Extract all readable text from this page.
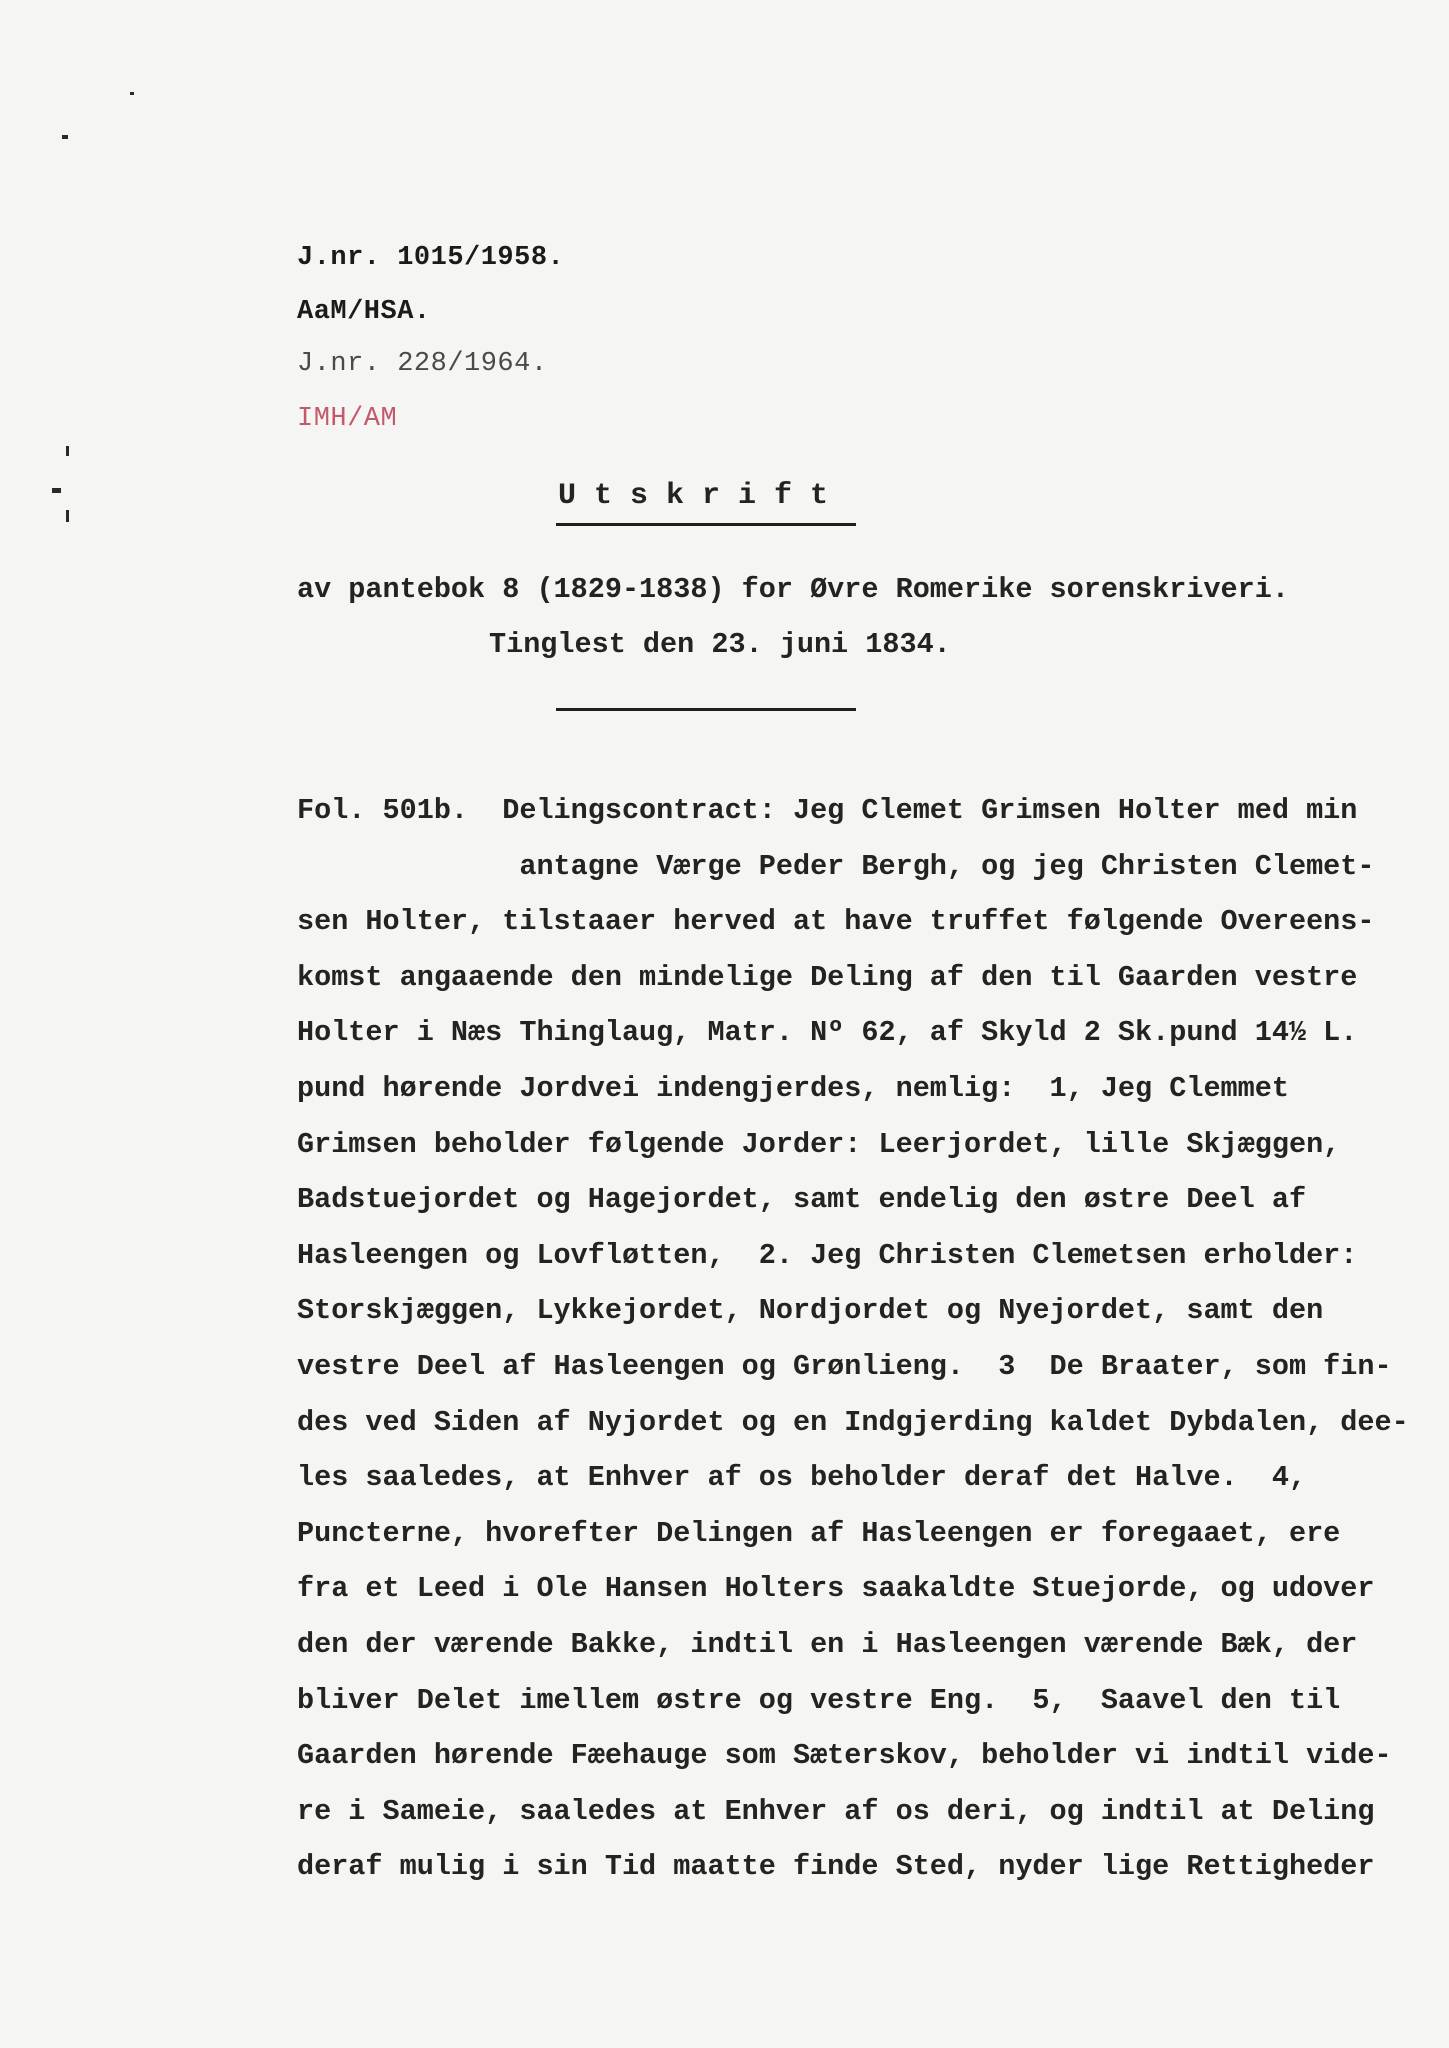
J.nr. 1015/1958.
AaM/HSA.
J.nr. 228/1964.
IMH/AM
U t s k r i f t
av pantebok 8 (1829-1838) for Øvre Romerike sorenskriveri.
Tinglest den 23. juni 1834.
Fol. 501b.  Delingscontract: Jeg Clemet Grimsen Holter med min
antagne Værge Peder Bergh, og jeg Christen Clemet-
sen Holter, tilstaaer herved at have truffet følgende Overeens-
komst angaaende den mindelige Deling af den til Gaarden vestre
Holter i Næs Thinglaug, Matr. Nº 62, af Skyld 2 Sk.pund 14½ L.
pund hørende Jordvei indengjerdes, nemlig:  1, Jeg Clemmet
Grimsen beholder følgende Jorder: Leerjordet, lille Skjæggen,
Badstuejordet og Hagejordet, samt endelig den østre Deel af
Hasleengen og Lovfløtten,  2. Jeg Christen Clemetsen erholder:
Storskjæggen, Lykkejordet, Nordjordet og Nyejordet, samt den
vestre Deel af Hasleengen og Grønlieng.  3  De Braater, som fin-
des ved Siden af Nyjordet og en Indgjerding kaldet Dybdalen, dee-
les saaledes, at Enhver af os beholder deraf det Halve.  4,
Puncterne, hvorefter Delingen af Hasleengen er foregaaet, ere
fra et Leed i Ole Hansen Holters saakaldte Stuejorde, og udover
den der værende Bakke, indtil en i Hasleengen værende Bæk, der
bliver Delet imellem østre og vestre Eng.  5,  Saavel den til
Gaarden hørende Fæehauge som Sæterskov, beholder vi indtil vide-
re i Sameie, saaledes at Enhver af os deri, og indtil at Deling
deraf mulig i sin Tid maatte finde Sted, nyder lige Rettigheder
